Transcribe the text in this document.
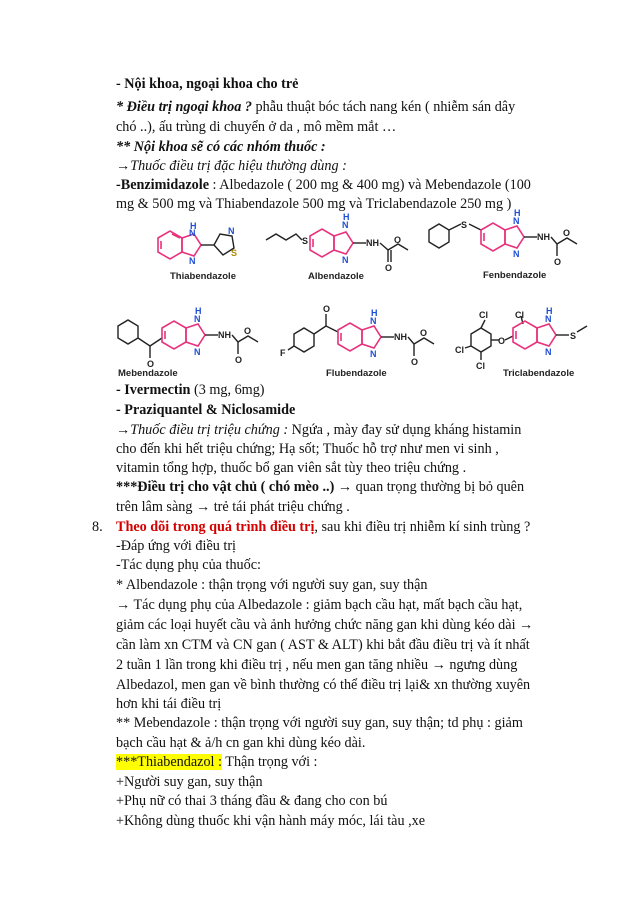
- Nội khoa, ngoại khoa cho trẻ
* Điều trị ngoại khoa ? phẫu thuật bóc tách nang kén ( nhiễm sán dây
chó ..), ấu trùng di chuyển ở da , mô mềm mắt …
** Nội khoa sẽ có các nhóm thuốc :
→Thuốc điều trị đặc hiệu thường dùng :
-Benzimidazole : Albedazole ( 200 mg & 400 mg) và Mebendazole (100
mg & 500 mg và Thiabendazole 500 mg và Triclabendazole 250 mg )
H
N
N
N
S
Thiabendazole
H
N
N
S	NH
O
O
Albendazole
S
H
N
N
NH
O
O
Fenbendazole
H
N
N
O
NH
O
O
Mebendazole
F
O	H
N
N
NH
O
O
Flubendazole
Cl
Cl
Cl
O
Cl H
N
N
S
Triclabendazole
- Ivermectin (3 mg, 6mg)
- Praziquantel & Niclosamide
→Thuốc điều trị triệu chứng : Ngứa , mày đay sử dụng kháng histamin
cho đến khi hết triệu chứng; Hạ sốt; Thuốc hỗ trợ như men vi sinh ,
vitamin tổng hợp, thuốc bổ gan viên sắt tùy theo triệu chứng .
***Điều trị cho vật chủ ( chó mèo ..) → quan trọng thường bị bỏ quên
trên lâm sàng → trẻ tái phát triệu chứng .
8. Theo dõi trong quá trình điều trị, sau khi điều trị nhiễm kí sinh trùng ?
-Đáp ứng với điều trị
-Tác dụng phụ của thuốc:
* Albendazole : thận trọng với người suy gan, suy thận
→ Tác dụng phụ của Albedazole : giảm bạch cầu hạt, mất bạch cầu hạt,
giảm các loại huyết cầu và ảnh hưởng chức năng gan khi dùng kéo dài →
cần làm xn CTM và CN gan ( AST & ALT) khi bắt đầu điều trị và ít nhất
2 tuần 1 lần trong khi điều trị , nếu men gan tăng nhiều → ngưng dùng
Albedazol, men gan về bình thường có thể điều trị lại& xn thường xuyên
hơn khi tái điều trị
** Mebendazole : thận trọng với người suy gan, suy thận; td phụ : giảm
bạch cầu hạt & ả/h cn gan khi dùng kéo dài.
***Thiabendazol : Thận trọng với :
+Người suy gan, suy thận
+Phụ nữ có thai 3 tháng đầu & đang cho con bú
+Không dùng thuốc khi vận hành máy móc, lái tàu ,xe
